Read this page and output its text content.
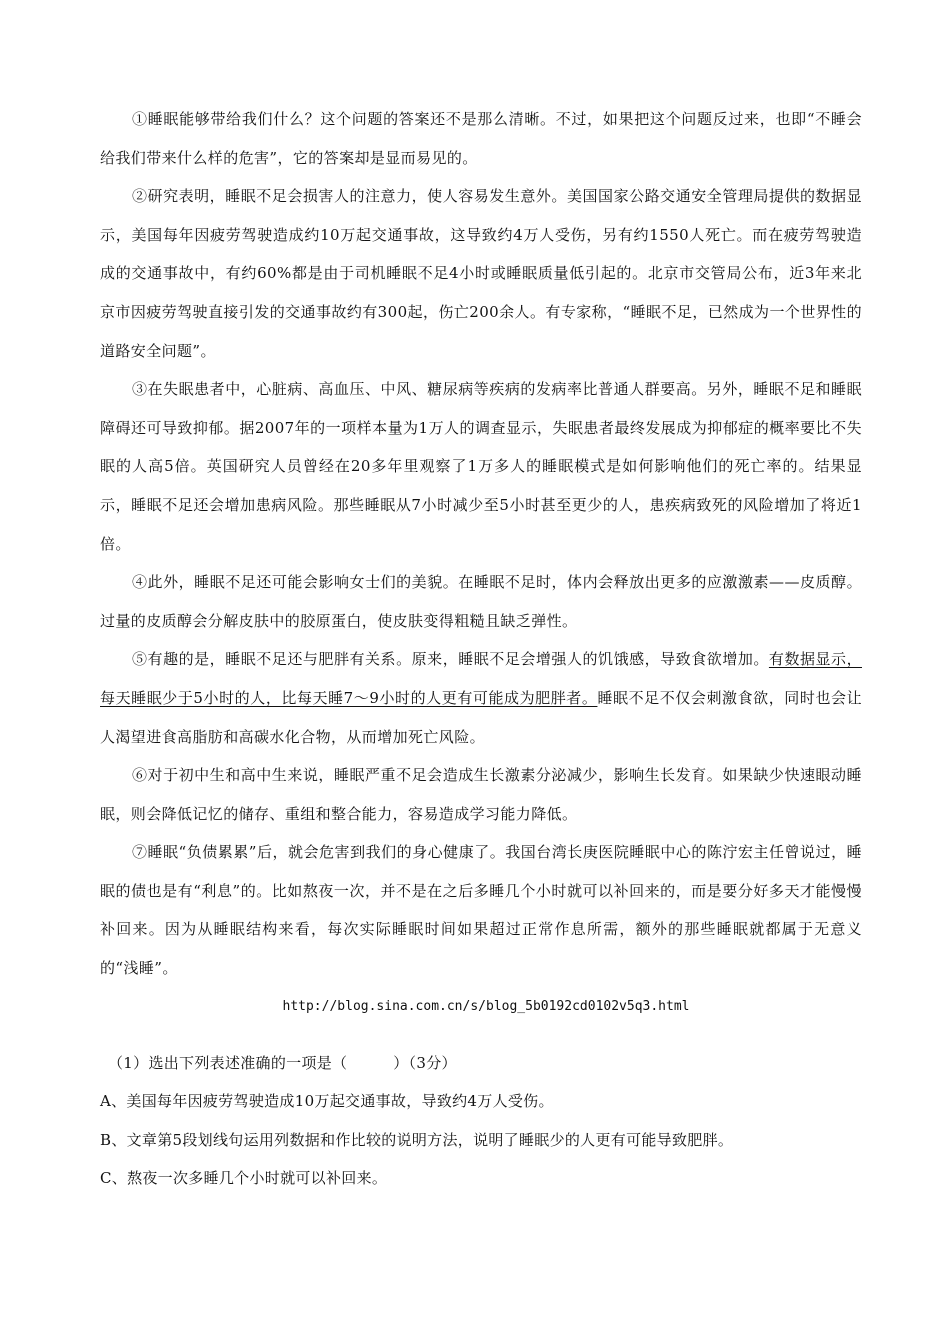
①睡眠能够带给我们什么？这个问题的答案还不是那么清晰。不过，如果把这个问题反过来，也即“不睡会给我们带来什么样的危害”，它的答案却是显而易见的。

②研究表明，睡眠不足会损害人的注意力，使人容易发生意外。美国国家公路交通安全管理局提供的数据显示，美国每年因疲劳驾驶造成约10万起交通事故，这导致约4万人受伤，另有约1550人死亡。而在疲劳驾驶造成的交通事故中，有约60%都是由于司机睡眠不足4小时或睡眠质量低引起的。北京市交管局公布，近3年来北京市因疲劳驾驶直接引发的交通事故约有300起，伤亡200余人。有专家称，“睡眠不足，已然成为一个世界性的道路安全问题”。

③在失眠患者中，心脏病、高血压、中风、糖尿病等疾病的发病率比普通人群要高。另外，睡眠不足和睡眠障碍还可导致抑郁。据2007年的一项样本量为1万人的调查显示，失眠患者最终发展成为抑郁症的概率要比不失眠的人高5倍。英国研究人员曾经在20多年里观察了1万多人的睡眠模式是如何影响他们的死亡率的。结果显示，睡眠不足还会增加患病风险。那些睡眠从7小时减少至5小时甚至更少的人，患疾病致死的风险增加了将近1倍。

④此外，睡眠不足还可能会影响女士们的美貌。在睡眠不足时，体内会释放出更多的应激激素——皮质醇。过量的皮质醇会分解皮肤中的胶原蛋白，使皮肤变得粗糙且缺乏弹性。

⑤有趣的是，睡眠不足还与肥胖有关系。原来，睡眠不足会增强人的饥饿感，导致食欲增加。有数据显示，每天睡眠少于5小时的人，比每天睡7～9小时的人更有可能成为肥胖者。睡眠不足不仅会刺激食欲，同时也会让人渴望进食高脂肪和高碳水化合物，从而增加死亡风险。

⑥对于初中生和高中生来说，睡眠严重不足会造成生长激素分泌减少，影响生长发育。如果缺少快速眼动睡眠，则会降低记忆的储存、重组和整合能力，容易造成学习能力降低。

⑦睡眠“负债累累”后，就会危害到我们的身心健康了。我国台湾长庚医院睡眠中心的陈泞宏主任曾说过，睡眠的债也是有“利息”的。比如熬夜一次，并不是在之后多睡几个小时就可以补回来的，而是要分好多天才能慢慢补回来。因为从睡眠结构来看，每次实际睡眠时间如果超过正常作息所需，额外的那些睡眠就都属于无意义的“浅睡”。

http://blog.sina.com.cn/s/blog_5b0192cd0102v5q3.html

（1）选出下列表述准确的一项是（　　　）（3分）

A、美国每年因疲劳驾驶造成10万起交通事故，导致约4万人受伤。

B、文章第5段划线句运用列数据和作比较的说明方法，说明了睡眠少的人更有可能导致肥胖。

C、熬夜一次多睡几个小时就可以补回来。
